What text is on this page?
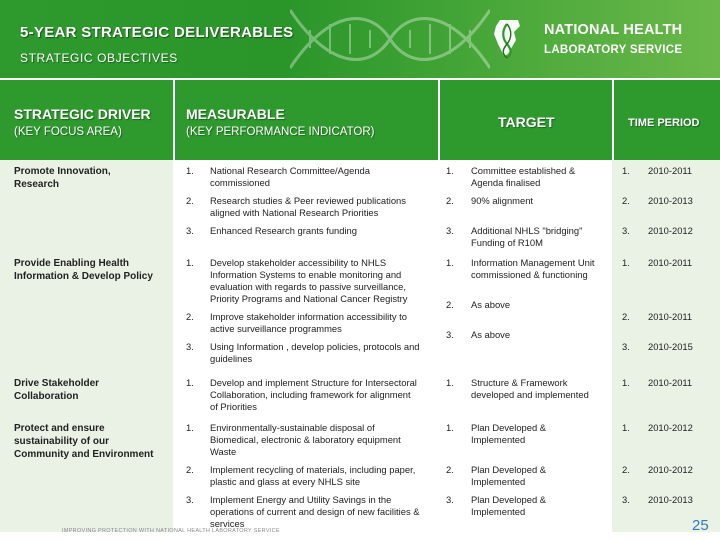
5-YEAR STRATEGIC DELIVERABLES
STRATEGIC OBJECTIVES
NATIONAL HEALTH
LABORATORY SERVICE
STRATEGIC DRIVER
(KEY FOCUS AREA)
MEASURABLE
(KEY PERFORMANCE INDICATOR)
TARGET	TIME PERIOD
Promote Innovation,
Research
1. National Research Committee/Agenda
commissioned
2. Research studies & Peer reviewed publications
aligned with National Research Priorities
3. Enhanced Research grants funding
1. Committee established &
Agenda finalised
2. 90% alignment
3. Additional NHLS "bridging"
Funding of R10M
1. 2010-2011
2. 2010-2013
3. 2010-2012
Provide Enabling Health
Information & Develop Policy
1. Develop stakeholder accessibility to NHLS
Information Systems to enable monitoring and
evaluation with regards to passive surveillance,
Priority Programs and National Cancer Registry
2. Improve stakeholder information accessibility to
active surveillance programmes
3. Using Information , develop policies, protocols and
guidelines
1. Information Management Unit
commissioned & functioning
2. As above
3. As above
1. 2010-2011
2. 2010-2011
3. 2010-2015
Drive Stakeholder
Collaboration
1. Develop and implement Structure for Intersectoral
Collaboration, including framework for alignment
of Priorities
1. Structure & Framework
developed and implemented
1. 2010-2011
Protect and ensure
sustainability of our
Community and Environment
1. Environmentally-sustainable disposal of
Biomedical, electronic & laboratory equipment
Waste
2. Implement recycling of materials, including paper,
plastic and glass at every NHLS site
3. Implement Energy and Utility Savings in the
operations of current and design of new facilities &
services
1. Plan Developed &
Implemented
2. Plan Developed &
Implemented
3. Plan Developed &
Implemented
1. 2010-2012
2. 2010-2012
3. 2010-2013
IMPROVING PROTECTION WITH NATIONAL HEALTH LABORATORY SERVICE	25
